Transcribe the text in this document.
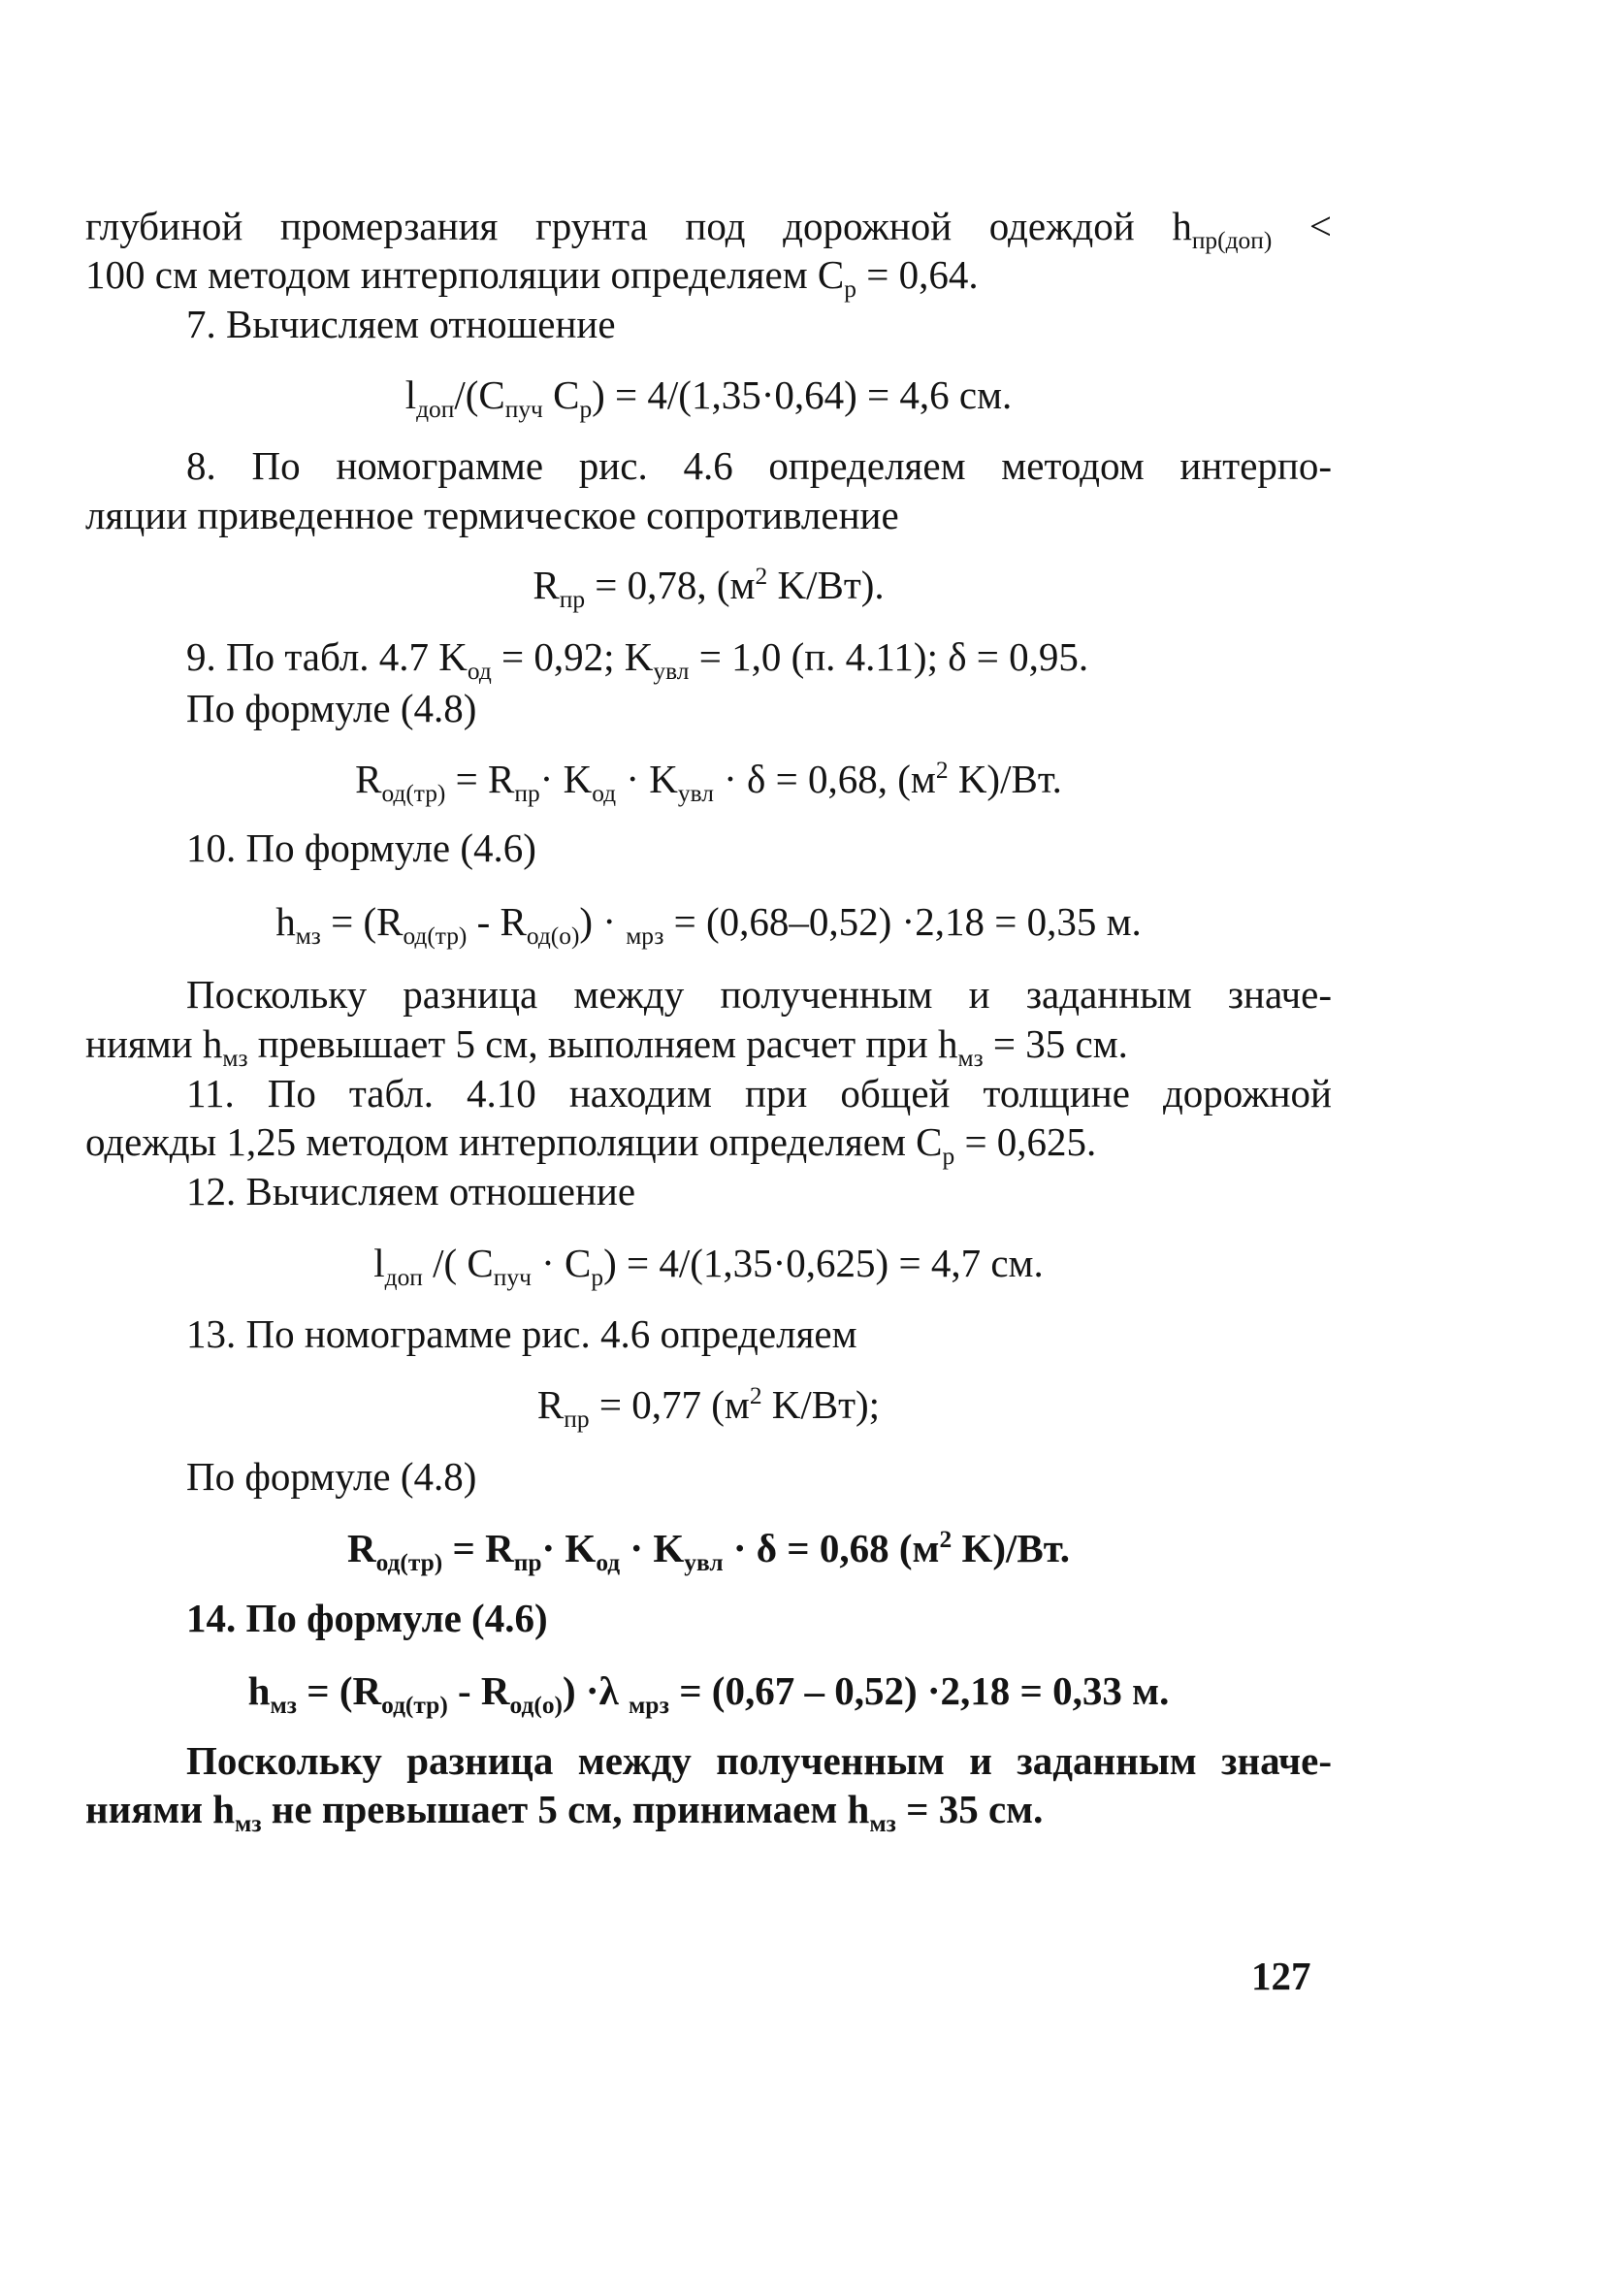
глубиной промерзания грунта под дорожной одеждой $h_{пр(доп)}$ <
100 см методом интерполяции определяем $C_p = 0,64$.
7. Вычисляем отношение
$l_{доп}/(C_{пуч}$ $C_p) = 4/(1,35\cdot 0,64) = 4,6$ см.
8. По номограмме рис. 4.6 определяем методом интерпо-
ляции приведенное термическое сопротивление
$R_{пр} = 0,78$, ($м^2$ K/Вт).
9. По табл. 4.7 $K_{од} = 0,92$; $K_{увл} = 1,0$ (п. 4.11); δ = 0,95.
По формуле (4.8)
$R_{од(тр)} = R_{пр}\cdot K_{од} \cdot K_{увл} \cdot \delta = 0,68$, ($м^2$ K)/Вт.
10. По формуле (4.6)
$h_{мз} = (R_{од(тр)} - R_{од(о)}) \cdot _{мрз} = (0,68-0,52) \cdot 2,18 = 0,35$ м.
Поскольку разница между полученным и заданным значе-
ниями $h_{мз}$ превышает 5 см, выполняем расчет при $h_{мз} = 35$ см.
11. По табл. 4.10 находим при общей толщине дорожной
одежды 1,25 методом интерполяции определяем $C_p = 0,625$.
12. Вычисляем отношение
$l_{доп}$ /( $C_{пуч} \cdot C_p) = 4/(1,35\cdot 0,625) = 4,7$ см.
13. По номограмме рис. 4.6 определяем
$R_{пр} = 0,77$ ($м^2$ K/Вт);
По формуле (4.8)
$R_{од(тр)} = R_{пр}\cdot K_{од} \cdot K_{увл} \cdot \delta = 0,68$ ($м^2$ K)/Вт.
14. По формуле (4.6)
$h_{мз} = (R_{од(тр)} - R_{од(о)}) \cdot\lambda$ $_{мрз}$ = (0,67 – 0,52) ·2,18 = 0,33 м.
Поскольку разница между полученным и заданным значе-
ниями $h_{мз}$ не превышает 5 см, принимаем $h_{мз} = 35$ см.
127
